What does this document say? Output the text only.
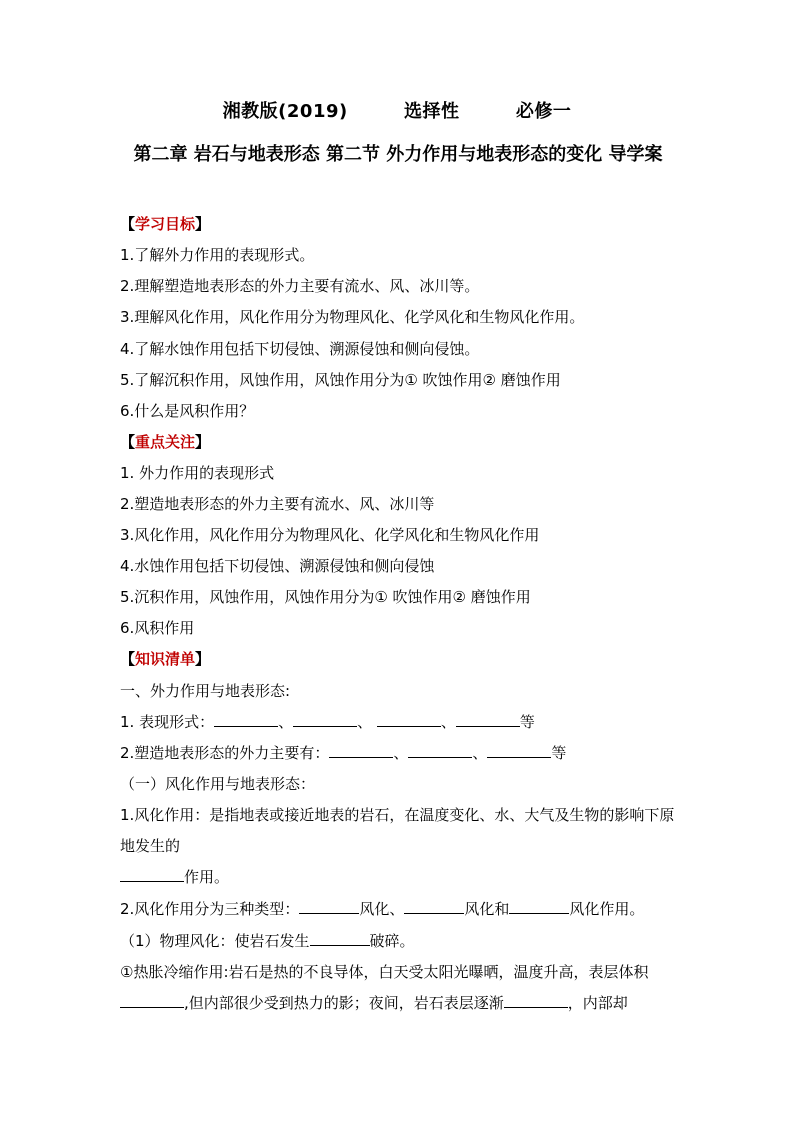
湘教版(2019)   选择性   必修一
第二章 岩石与地表形态 第二节 外力作用与地表形态的变化 导学案
【学习目标】
1.了解外力作用的表现形式。
2.理解塑造地表形态的外力主要有流水、风、冰川等。
3.理解风化作用，风化作用分为物理风化、化学风化和生物风化作用。
4.了解水蚀作用包括下切侵蚀、溯源侵蚀和侧向侵蚀。
5.了解沉积作用，风蚀作用，风蚀作用分为① 吹蚀作用② 磨蚀作用
6.什么是风积作用？
【重点关注】
1. 外力作用的表现形式
2.塑造地表形态的外力主要有流水、风、冰川等
3.风化作用，风化作用分为物理风化、化学风化和生物风化作用
4.水蚀作用包括下切侵蚀、溯源侵蚀和侧向侵蚀
5.沉积作用，风蚀作用，风蚀作用分为① 吹蚀作用② 磨蚀作用
6.风积作用
【知识清单】
一、外力作用与地表形态:
1. 表现形式：	、	、	、	等
2.塑造地表形态的外力主要有：	、	、	等
（一）风化作用与地表形态：
1.风化作用：是指地表或接近地表的岩石，在温度变化、水、大气及生物的影响下原地发生的
作用。
2.风化作用分为三种类型：	风化、	风化和	风化作用。
（1）物理风化：使岩石发生	破碎。
①热胀冷缩作用:岩石是热的不良导体，白天受太阳光曝晒，温度升高，表层体积,但内部很少受到热力的影；夜间，岩石表层逐渐	，内部却
